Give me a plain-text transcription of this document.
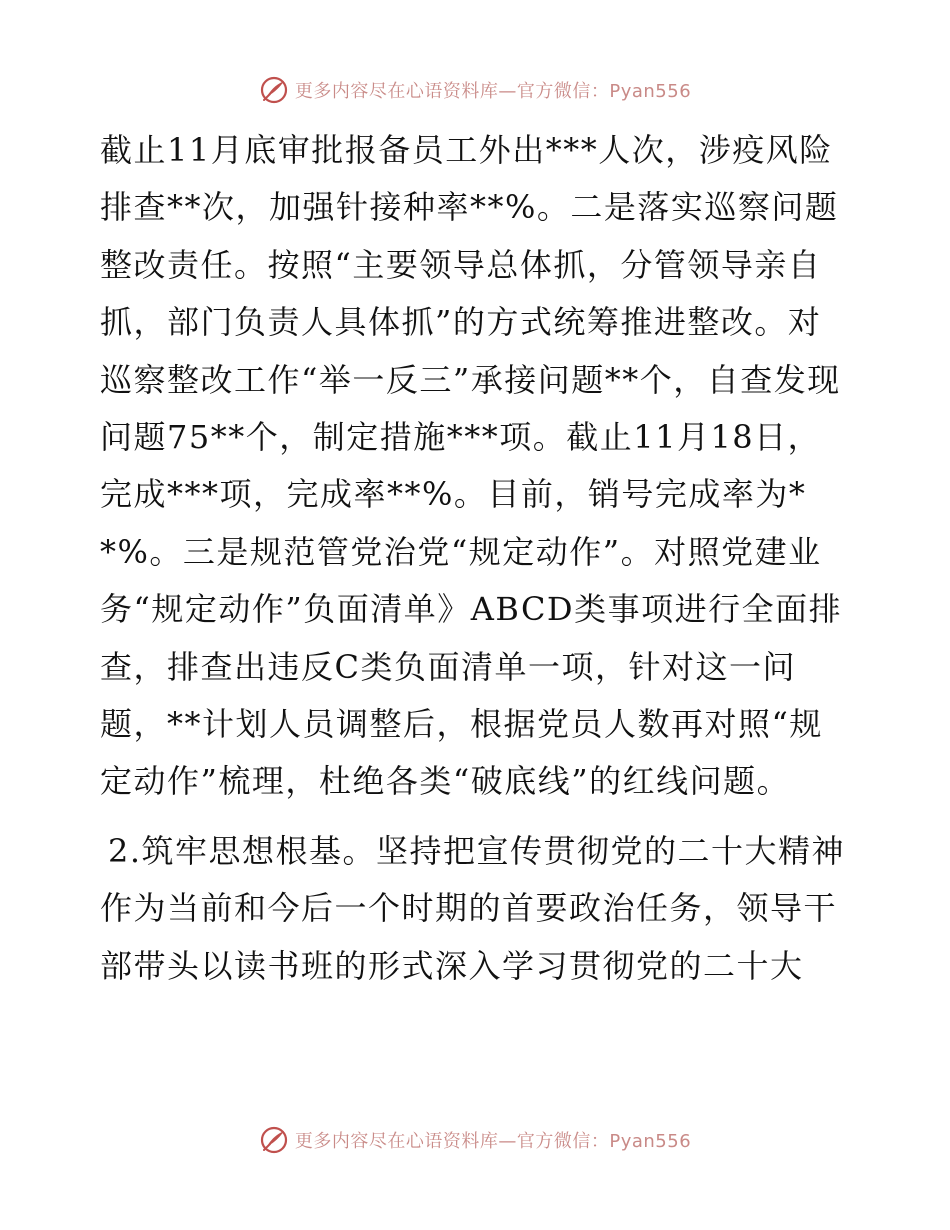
更多内容尽在心语资料库—官方微信：Pyan556

截止11月底审批报备员工外出***人次，涉疫风险排查**次，加强针接种率**%。二是落实巡察问题整改责任。按照“主要领导总体抓，分管领导亲自抓，部门负责人具体抓”的方式统筹推进整改。对巡察整改工作“举一反三”承接问题**个，自查发现问题75**个，制定措施***项。截止11月18日，完成***项，完成率**%。目前，销号完成率为**%。三是规范管党治党“规定动作”。对照党建业务“规定动作”负面清单》ABCD类事项进行全面排查，排查出违反C类负面清单一项，针对这一问题，**计划人员调整后，根据党员人数再对照“规定动作”梳理，杜绝各类“破底线”的红线问题。

2.筑牢思想根基。坚持把宣传贯彻党的二十大精神作为当前和今后一个时期的首要政治任务，领导干部带头以读书班的形式深入学习贯彻党的二十大

更多内容尽在心语资料库—官方微信：Pyan556
